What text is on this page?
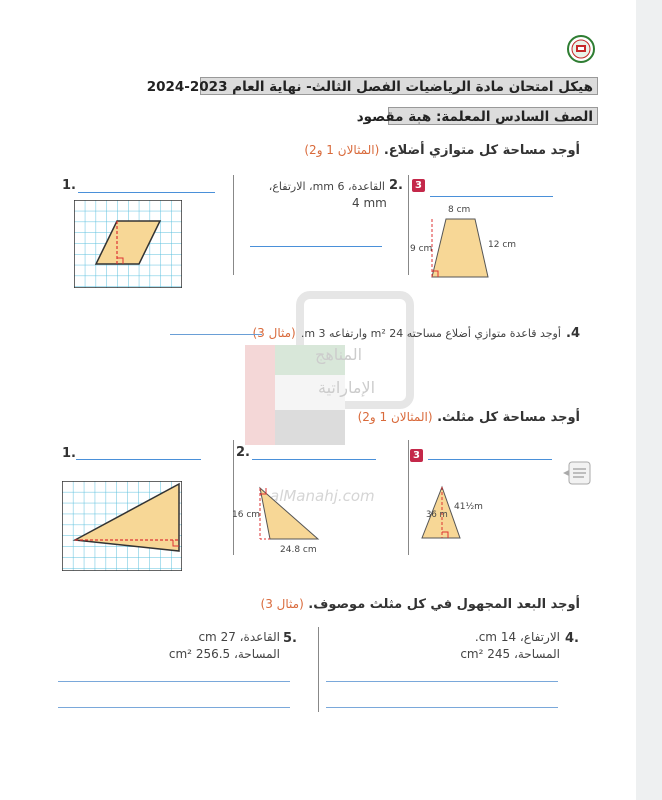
هيكل امتحان مادة الرياضيات الفصل الثالث- نهاية العام 2023-2024
الصف السادس المعلمة: هبة مقصود
المناهج
الإماراتية
alManahj.com
أوجد مساحة كل متوازي أضلاع. (المثالان 1 و2)
1.	2.
القاعدة، mm 6، الارتفاع،
4 mm
3
8 cm
9 cm	12 cm
4. أوجد قاعدة متوازي أضلاع مساحته 24 m² وارتفاعه 3 m. (مثال 3)
أوجد مساحة كل مثلث. (المثالان 1 و2)
1.	2.
16 cm
24.8 cm
3
36 m
41½m
أوجد البعد المجهول في كل مثلث موصوف. (مثال 3)
5.
القاعدة، 27 cm
المساحة، 256.5 cm²
4.
الارتفاع، 14 cm.
المساحة، 245 cm²
